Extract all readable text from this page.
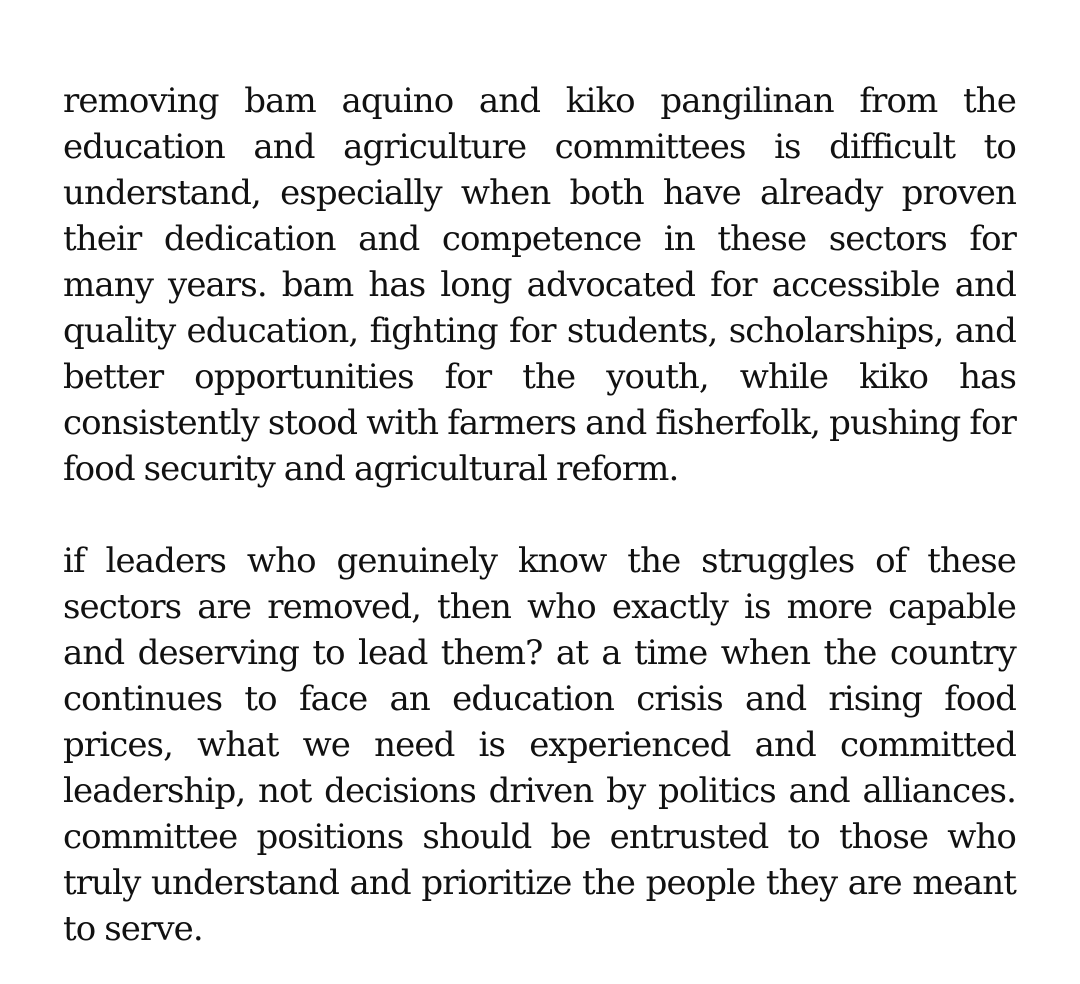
removing bam aquino and kiko pangilinan from the education and agriculture committees is difficult to understand, especially when both have already proven their dedication and competence in these sectors for many years. bam has long advocated for accessible and quality education, fighting for students, scholarships, and better opportunities for the youth, while kiko has consistently stood with farmers and fisherfolk, pushing for food security and agricultural reform.

if leaders who genuinely know the struggles of these sectors are removed, then who exactly is more capable and deserving to lead them? at a time when the country continues to face an education crisis and rising food prices, what we need is experienced and committed leadership, not decisions driven by politics and alliances. committee positions should be entrusted to those who truly understand and prioritize the people they are meant to serve.
